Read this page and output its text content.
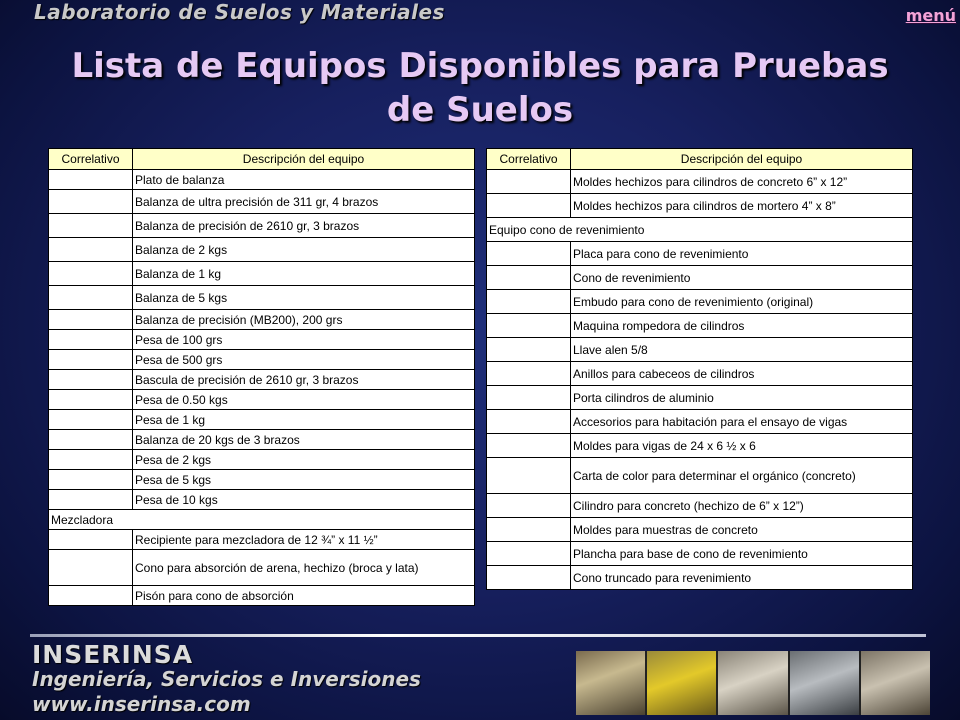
Laboratorio de Suelos y Materiales	menú
Lista de Equipos Disponibles para Pruebas de Suelos
Correlativo	Descripción del equipo
	Plato de balanza
	Balanza de ultra precisión de 311 gr, 4 brazos
	Balanza de precisión de 2610 gr, 3 brazos
	Balanza de 2 kgs
	Balanza de 1 kg
	Balanza de 5 kgs
	Balanza de precisión (MB200), 200 grs
	Pesa de 100 grs
	Pesa de 500 grs
	Bascula de precisión de 2610 gr, 3 brazos
	Pesa de 0.50 kgs
	Pesa de 1 kg
	Balanza de 20 kgs de 3 brazos
	Pesa de 2 kgs
	Pesa de 5 kgs
	Pesa de 10 kgs
Mezcladora	
	Recipiente para mezcladora de 12 ¾” x 11 ½”
	Cono para absorción de arena, hechizo (broca y lata)
	Pisón para cono de absorción
Correlativo	Descripción del equipo
	Moldes hechizos para cilindros de concreto 6” x 12”
	Moldes hechizos para cilindros de mortero 4” x 8”
Equipo cono de revenimiento	
	Placa para cono de revenimiento
	Cono de revenimiento
	Embudo para cono de revenimiento (original)
	Maquina rompedora de cilindros
	Llave alen 5/8
	Anillos para cabeceos de cilindros
	Porta cilindros de aluminio
	Accesorios para habitación para el ensayo de vigas
	Moldes para vigas de 24 x 6 ½ x 6
	Carta de color para determinar el orgánico (concreto)
	Cilindro para concreto (hechizo de 6” x 12”)
	Moldes para muestras de concreto
	Plancha para base de cono de revenimiento
	Cono truncado para revenimiento
INSERINSA
Ingeniería, Servicios e Inversiones
www.inserinsa.com
